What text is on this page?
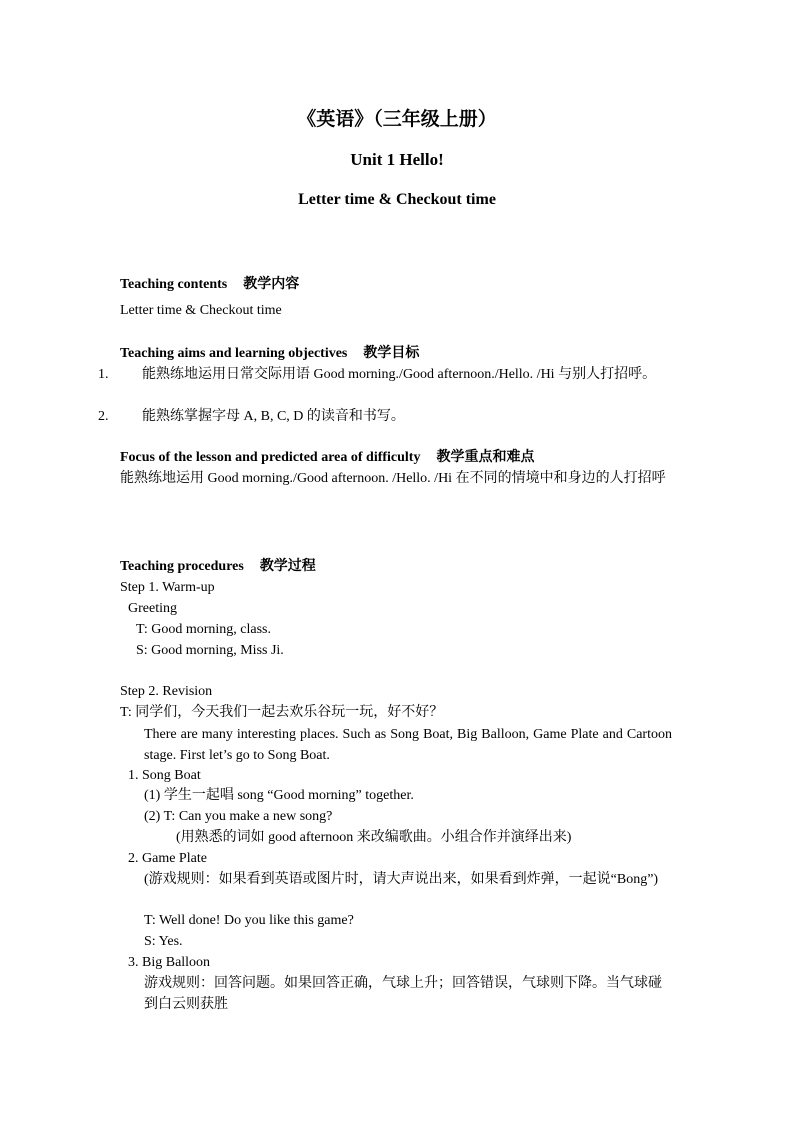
《英语》（三年级上册）
Unit 1 Hello!
Letter time & Checkout time
Teaching contents 教学内容
Letter time & Checkout time
Teaching aims and learning objectives 教学目标
1. 能熟练地运用日常交际用语 Good morning./Good afternoon./Hello. /Hi 与别人打招呼。
2. 能熟练掌握字母 A, B, C, D 的读音和书写。
Focus of the lesson and predicted area of difficulty 教学重点和难点
能熟练地运用 Good morning./Good afternoon. /Hello. /Hi 在不同的情境中和身边的人打招呼
Teaching procedures 教学过程
Step 1. Warm-up
Greeting
T: Good morning, class.
S: Good morning, Miss Ji.
Step 2. Revision
T: 同学们，今天我们一起去欢乐谷玩一玩，好不好？
There are many interesting places. Such as Song Boat, Big Balloon, Game Plate and Cartoon stage. First let’s go to Song Boat.
1. Song Boat
(1) 学生一起唱 song “Good morning” together.
(2) T: Can you make a new song?
(用熟悉的词如 good afternoon 来改编歌曲。小组合作并演绎出来)
2. Game Plate
(游戏规则：如果看到英语或图片时，请大声说出来，如果看到炸弹，一起说“Bong”)
T: Well done! Do you like this game?
S: Yes.
3. Big Balloon
游戏规则：回答问题。如果回答正确，气球上升；回答错误，气球则下降。当气球碰到白云则获胜
